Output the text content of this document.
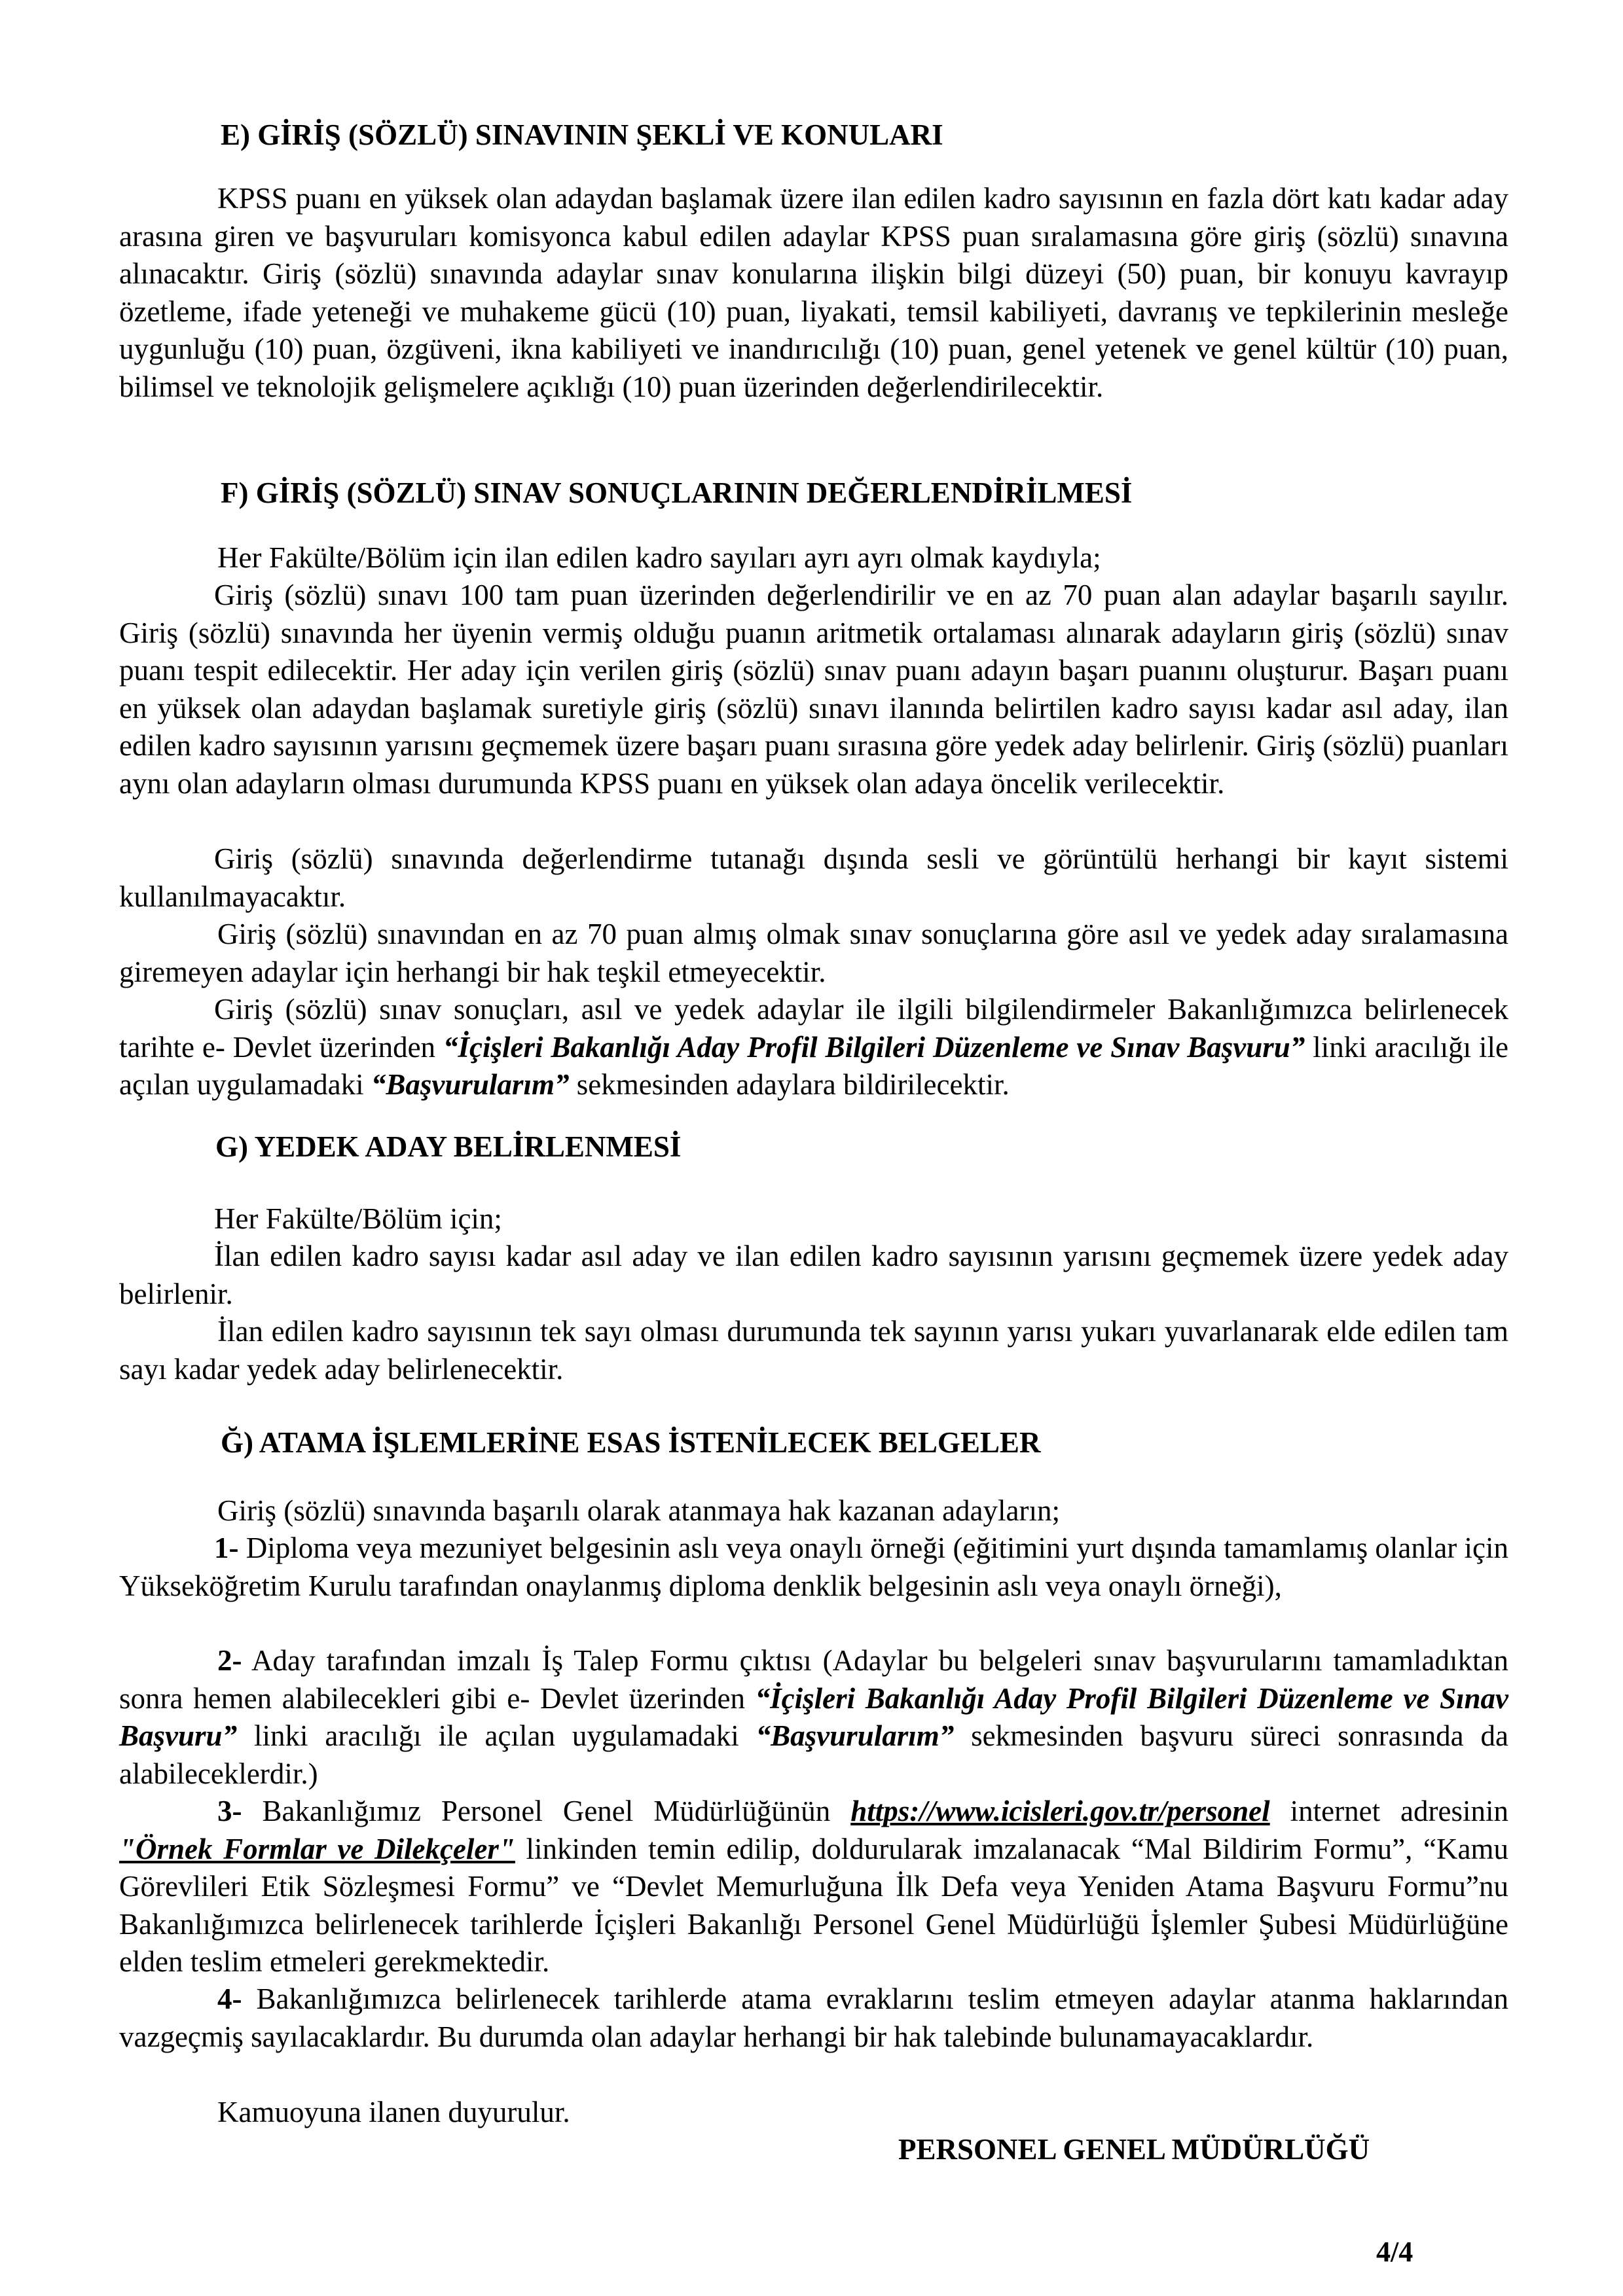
E) GİRİŞ (SÖZLÜ) SINAVININ ŞEKLİ VE KONULARI

KPSS puanı en yüksek olan adaydan başlamak üzere ilan edilen kadro sayısının en fazla dört katı kadar aday arasına giren ve başvuruları komisyonca kabul edilen adaylar KPSS puan sıralamasına göre giriş (sözlü) sınavına alınacaktır. Giriş (sözlü) sınavında adaylar sınav konularına ilişkin bilgi düzeyi (50) puan, bir konuyu kavrayıp özetleme, ifade yeteneği ve muhakeme gücü (10) puan, liyakati, temsil kabiliyeti, davranış ve tepkilerinin mesleğe uygunluğu (10) puan, özgüveni, ikna kabiliyeti ve inandırıcılığı (10) puan, genel yetenek ve genel kültür (10) puan, bilimsel ve teknolojik gelişmelere açıklığı (10) puan üzerinden değerlendirilecektir.

F) GİRİŞ (SÖZLÜ) SINAV SONUÇLARININ DEĞERLENDİRİLMESİ

Her Fakülte/Bölüm için ilan edilen kadro sayıları ayrı ayrı olmak kaydıyla;

Giriş (sözlü) sınavı 100 tam puan üzerinden değerlendirilir ve en az 70 puan alan adaylar başarılı sayılır. Giriş (sözlü) sınavında her üyenin vermiş olduğu puanın aritmetik ortalaması alınarak adayların giriş (sözlü) sınav puanı tespit edilecektir. Her aday için verilen giriş (sözlü) sınav puanı adayın başarı puanını oluşturur. Başarı puanı en yüksek olan adaydan başlamak suretiyle giriş (sözlü) sınavı ilanında belirtilen kadro sayısı kadar asıl aday, ilan edilen kadro sayısının yarısını geçmemek üzere başarı puanı sırasına göre yedek aday belirlenir. Giriş (sözlü) puanları aynı olan adayların olması durumunda KPSS puanı en yüksek olan adaya öncelik verilecektir.

Giriş (sözlü) sınavında değerlendirme tutanağı dışında sesli ve görüntülü herhangi bir kayıt sistemi kullanılmayacaktır.

Giriş (sözlü) sınavından en az 70 puan almış olmak sınav sonuçlarına göre asıl ve yedek aday sıralamasına giremeyen adaylar için herhangi bir hak teşkil etmeyecektir.

Giriş (sözlü) sınav sonuçları, asıl ve yedek adaylar ile ilgili bilgilendirmeler Bakanlığımızca belirlenecek tarihte e- Devlet üzerinden “İçişleri Bakanlığı Aday Profil Bilgileri Düzenleme ve Sınav Başvuru” linki aracılığı ile açılan uygulamadaki “Başvurularım” sekmesinden adaylara bildirilecektir.

G) YEDEK ADAY BELİRLENMESİ

Her Fakülte/Bölüm için;

İlan edilen kadro sayısı kadar asıl aday ve ilan edilen kadro sayısının yarısını geçmemek üzere yedek aday belirlenir.

İlan edilen kadro sayısının tek sayı olması durumunda tek sayının yarısı yukarı yuvarlanarak elde edilen tam sayı kadar yedek aday belirlenecektir.

Ğ) ATAMA İŞLEMLERİNE ESAS İSTENİLECEK BELGELER

Giriş (sözlü) sınavında başarılı olarak atanmaya hak kazanan adayların;

1- Diploma veya mezuniyet belgesinin aslı veya onaylı örneği (eğitimini yurt dışında tamamlamış olanlar için Yükseköğretim Kurulu tarafından onaylanmış diploma denklik belgesinin aslı veya onaylı örneği),

2- Aday tarafından imzalı İş Talep Formu çıktısı (Adaylar bu belgeleri sınav başvurularını tamamladıktan sonra hemen alabilecekleri gibi e- Devlet üzerinden “İçişleri Bakanlığı Aday Profil Bilgileri Düzenleme ve Sınav Başvuru” linki aracılığı ile açılan uygulamadaki “Başvurularım” sekmesinden başvuru süreci sonrasında da alabileceklerdir.)

3- Bakanlığımız Personel Genel Müdürlüğünün https://www.icisleri.gov.tr/personel internet adresinin "Örnek Formlar ve Dilekçeler" linkinden temin edilip, doldurularak imzalanacak “Mal Bildirim Formu”, “Kamu Görevlileri Etik Sözleşmesi Formu” ve “Devlet Memurluğuna İlk Defa veya Yeniden Atama Başvuru Formu”nu Bakanlığımızca belirlenecek tarihlerde İçişleri Bakanlığı Personel Genel Müdürlüğü İşlemler Şubesi Müdürlüğüne elden teslim etmeleri gerekmektedir.

4- Bakanlığımızca belirlenecek tarihlerde atama evraklarını teslim etmeyen adaylar atanma haklarından vazgeçmiş sayılacaklardır. Bu durumda olan adaylar herhangi bir hak talebinde bulunamayacaklardır.

Kamuoyuna ilanen duyurulur.

PERSONEL GENEL MÜDÜRLÜĞÜ
4/4
